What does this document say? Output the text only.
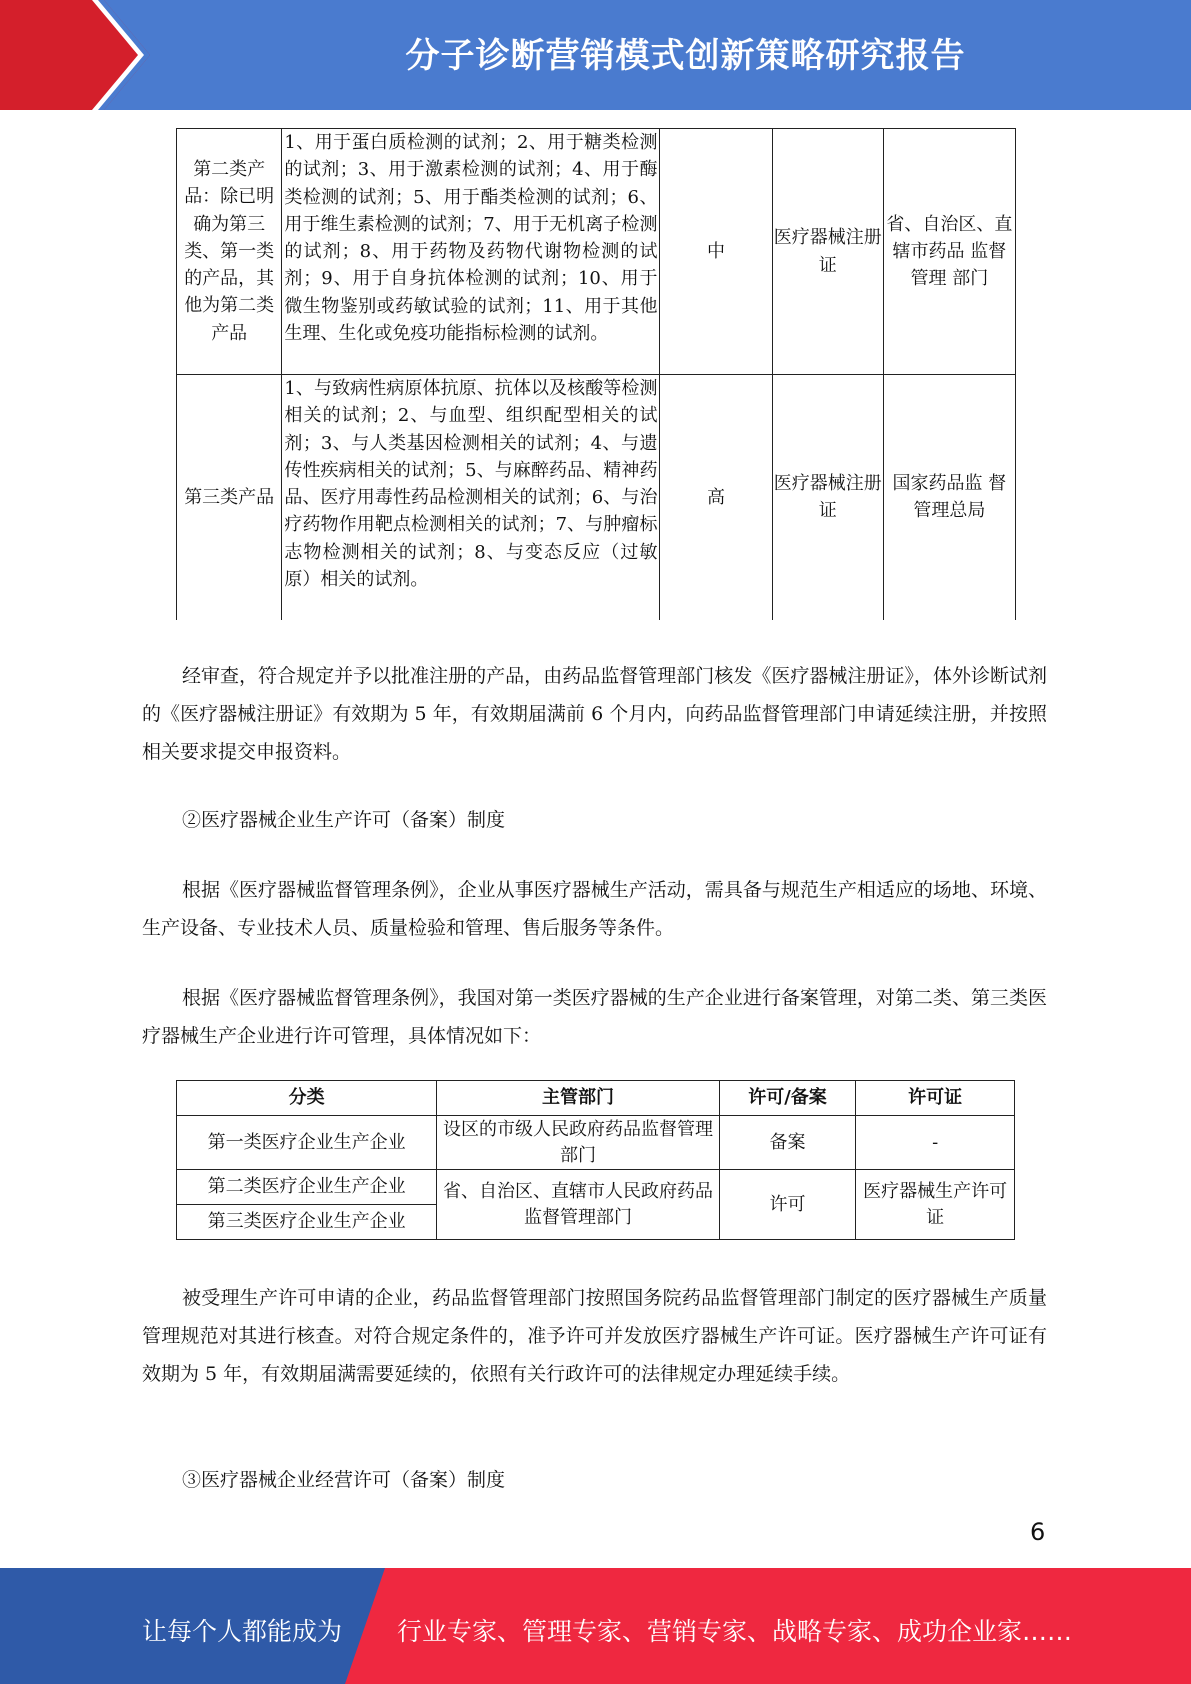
分子诊断营销模式创新策略研究报告
第二类产品：除已明确为第三类、第一类的产品，其他为第二类产品	1、用于蛋白质检测的试剂；2、用于糖类检测的试剂；3、用于激素检测的试剂；4、用于酶类检测的试剂；5、用于酯类检测的试剂；6、用于维生素检测的试剂；7、用于无机离子检测的试剂；8、用于药物及药物代谢物检测的试剂；9、用于自身抗体检测的试剂；10、用于微生物鉴别或药敏试验的试剂；11、用于其他生理、生化或免疫功能指标检测的试剂。	中	医疗器械注册证	省、自治区、直辖市药品 监督管理 部门
第三类产品	1、与致病性病原体抗原、抗体以及核酸等检测相关的试剂；2、与血型、组织配型相关的试剂；3、与人类基因检测相关的试剂；4、与遗传性疾病相关的试剂；5、与麻醉药品、精神药品、医疗用毒性药品检测相关的试剂；6、与治疗药物作用靶点检测相关的试剂；7、与肿瘤标志物检测相关的试剂；8、与变态反应（过敏原）相关的试剂。	高	医疗器械注册证	国家药品监 督管理总局
经审查，符合规定并予以批准注册的产品，由药品监督管理部门核发《医疗器械注册证》，体外诊断试剂的《医疗器械注册证》有效期为 5 年，有效期届满前 6 个月内，向药品监督管理部门申请延续注册，并按照相关要求提交申报资料。
②医疗器械企业生产许可（备案）制度
根据《医疗器械监督管理条例》，企业从事医疗器械生产活动，需具备与规范生产相适应的场地、环境、生产设备、专业技术人员、质量检验和管理、售后服务等条件。
根据《医疗器械监督管理条例》，我国对第一类医疗器械的生产企业进行备案管理，对第二类、第三类医疗器械生产企业进行许可管理，具体情况如下：
分类	主管部门	许可/备案	许可证
第一类医疗企业生产企业	设区的市级人民政府药品监督管理部门	备案	-
第二类医疗企业生产企业	省、自治区、直辖市人民政府药品监督管理部门	许可	医疗器械生产许可证
第三类医疗企业生产企业			
被受理生产许可申请的企业，药品监督管理部门按照国务院药品监督管理部门制定的医疗器械生产质量管理规范对其进行核查。对符合规定条件的，准予许可并发放医疗器械生产许可证。医疗器械生产许可证有效期为 5 年，有效期届满需要延续的，依照有关行政许可的法律规定办理延续手续。
③医疗器械企业经营许可（备案）制度
6
让每个人都能成为 行业专家、管理专家、营销专家、战略专家、成功企业家……
